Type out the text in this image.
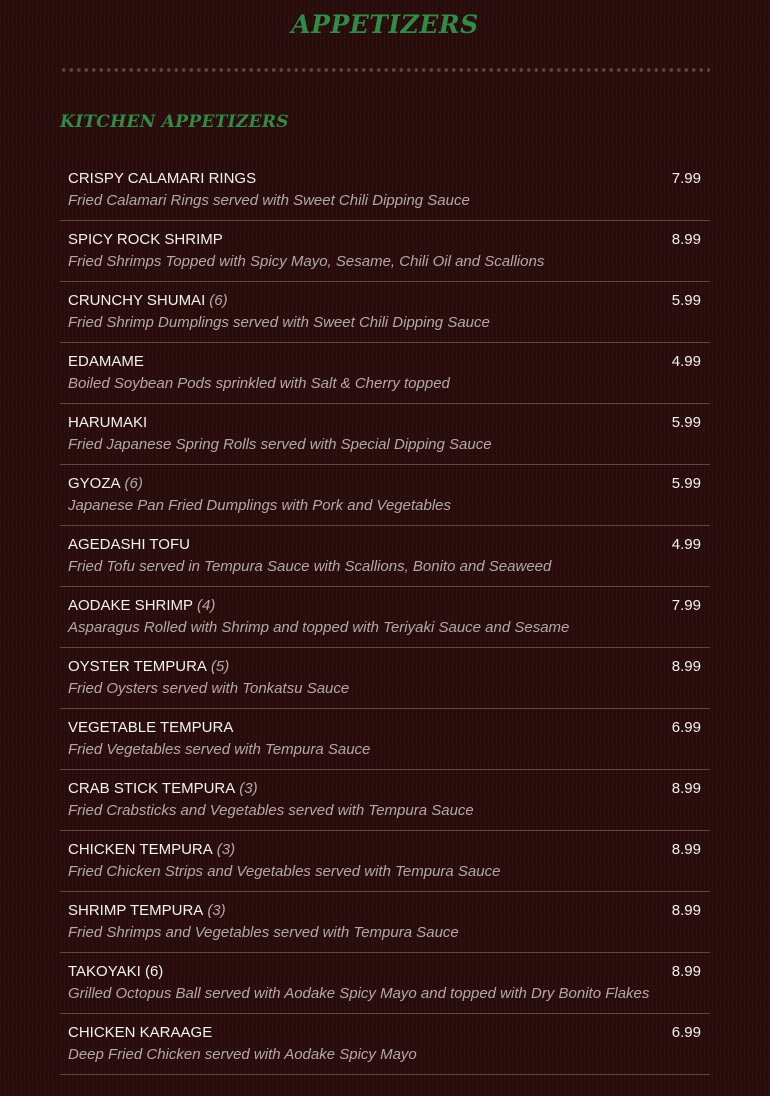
APPETIZERS
KITCHEN APPETIZERS
CRISPY CALAMARI RINGS
Fried Calamari Rings served with Sweet Chili Dipping Sauce
7.99
SPICY ROCK SHRIMP
Fried Shrimps Topped with Spicy Mayo, Sesame, Chili Oil and Scallions
8.99
CRUNCHY SHUMAI (6)
Fried Shrimp Dumplings served with Sweet Chili Dipping Sauce
5.99
EDAMAME
Boiled Soybean Pods sprinkled with Salt & Cherry topped
4.99
HARUMAKI
Fried Japanese Spring Rolls served with Special Dipping Sauce
5.99
GYOZA (6)
Japanese Pan Fried Dumplings with Pork and Vegetables
5.99
AGEDASHI TOFU
Fried Tofu served in Tempura Sauce with Scallions, Bonito and Seaweed
4.99
AODAKE SHRIMP (4)
Asparagus Rolled with Shrimp and topped with Teriyaki Sauce and Sesame
7.99
OYSTER TEMPURA (5)
Fried Oysters served with Tonkatsu Sauce
8.99
VEGETABLE TEMPURA
Fried Vegetables served with Tempura Sauce
6.99
CRAB STICK TEMPURA (3)
Fried Crabsticks and Vegetables served with Tempura Sauce
8.99
CHICKEN TEMPURA (3)
Fried Chicken Strips and Vegetables served with Tempura Sauce
8.99
SHRIMP TEMPURA (3)
Fried Shrimps and Vegetables served with Tempura Sauce
8.99
TAKOYAKI (6)
Grilled Octopus Ball served with Aodake Spicy Mayo and topped with Dry Bonito Flakes
8.99
CHICKEN KARAAGE
Deep Fried Chicken served with Aodake Spicy Mayo
6.99
